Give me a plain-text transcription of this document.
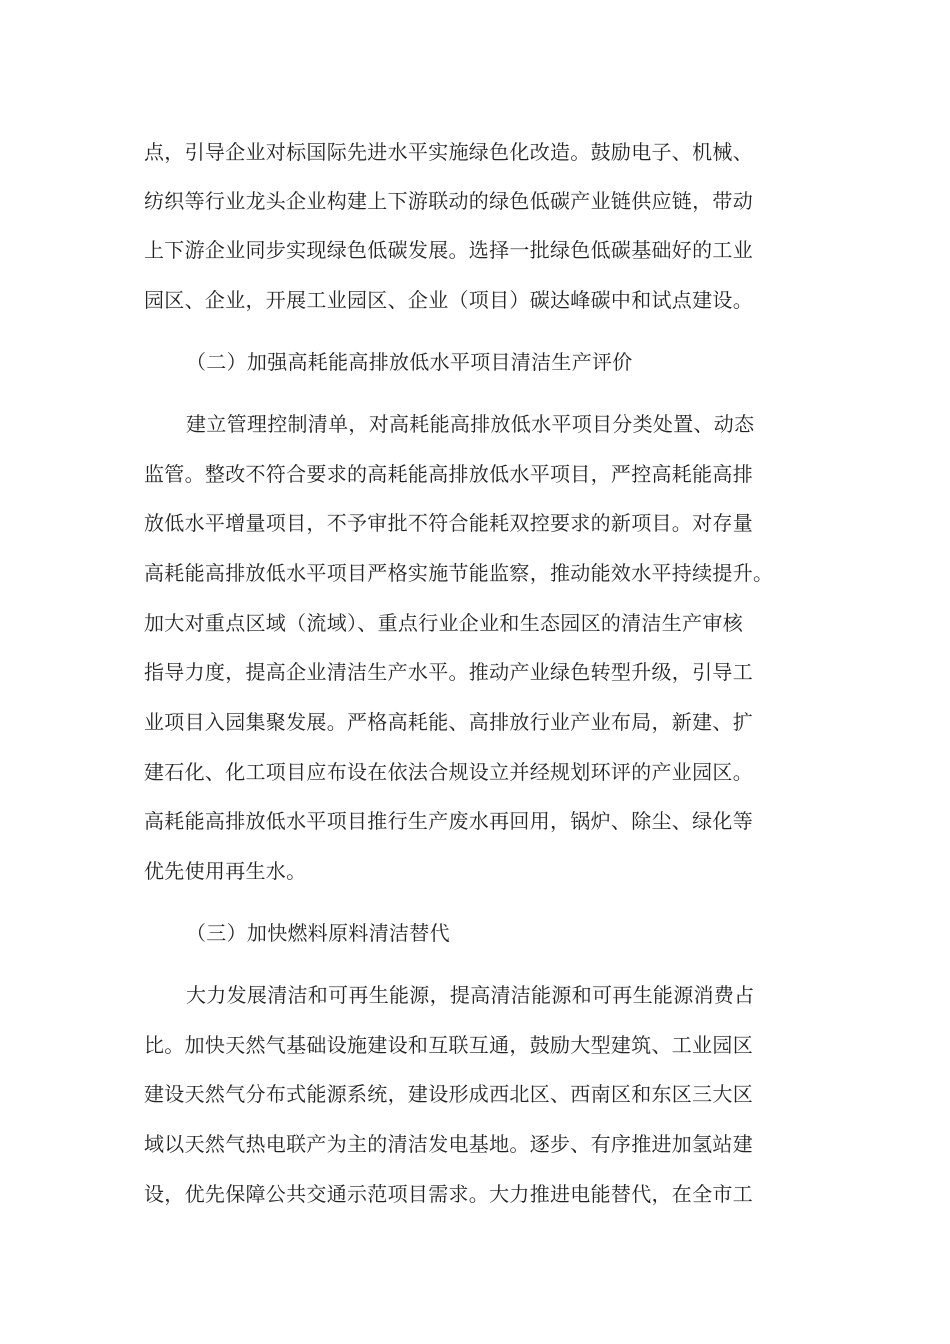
点，引导企业对标国际先进水平实施绿色化改造。鼓励电子、机械、
纺织等行业龙头企业构建上下游联动的绿色低碳产业链供应链，带动
上下游企业同步实现绿色低碳发展。选择一批绿色低碳基础好的工业
园区、企业，开展工业园区、企业（项目）碳达峰碳中和试点建设。
（二）加强高耗能高排放低水平项目清洁生产评价
建立管理控制清单，对高耗能高排放低水平项目分类处置、动态
监管。整改不符合要求的高耗能高排放低水平项目，严控高耗能高排
放低水平增量项目，不予审批不符合能耗双控要求的新项目。对存量
高耗能高排放低水平项目严格实施节能监察，推动能效水平持续提升。
加大对重点区域（流域）、重点行业企业和生态园区的清洁生产审核
指导力度，提高企业清洁生产水平。推动产业绿色转型升级，引导工
业项目入园集聚发展。严格高耗能、高排放行业产业布局，新建、扩
建石化、化工项目应布设在依法合规设立并经规划环评的产业园区。
高耗能高排放低水平项目推行生产废水再回用，锅炉、除尘、绿化等
优先使用再生水。
（三）加快燃料原料清洁替代
大力发展清洁和可再生能源，提高清洁能源和可再生能源消费占
比。加快天然气基础设施建设和互联互通，鼓励大型建筑、工业园区
建设天然气分布式能源系统，建设形成西北区、西南区和东区三大区
域以天然气热电联产为主的清洁发电基地。逐步、有序推进加氢站建
设，优先保障公共交通示范项目需求。大力推进电能替代，在全市工
